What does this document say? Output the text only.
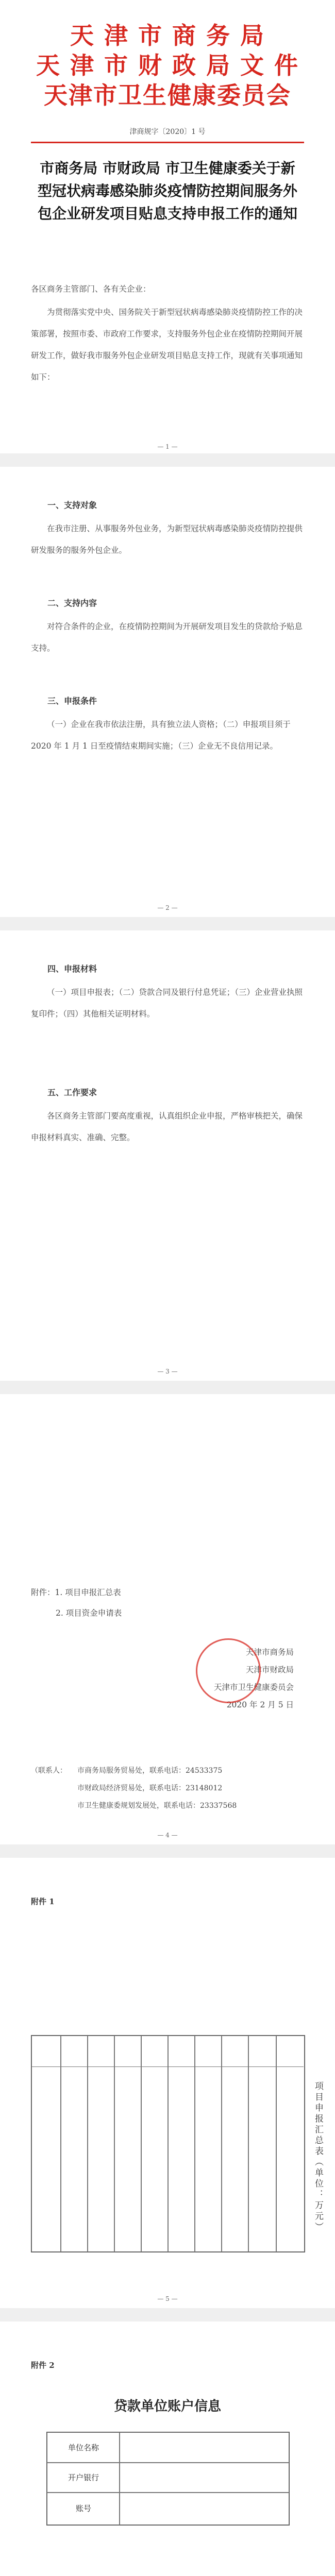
天 津 市 商 务 局
天 津 市 财 政 局 文 件
天津市卫生健康委员会
津商规字〔2020〕1 号
市商务局 市财政局 市卫生健康委关于新型冠状病毒感染肺炎疫情防控期间服务外包企业研发项目贴息支持申报工作的通知
各区商务主管部门、各有关企业：
为贯彻落实党中央、国务院关于新型冠状病毒感染肺炎疫情防控工作的决策部署，按照市委、市政府工作要求，支持服务外包企业在疫情防控期间开展研发工作，做好我市服务外包企业研发项目贴息支持工作，现就有关事项通知如下：
— 1 —
一、支持对象
在我市注册、从事服务外包业务，为新型冠状病毒感染肺炎疫情防控提供研发服务的服务外包企业。
二、支持内容
对符合条件的企业，在疫情防控期间为开展研发项目发生的贷款给予贴息支持。
三、申报条件
（一）企业在我市依法注册，具有独立法人资格；（二）申报项目须于 2020 年 1 月 1 日至疫情结束期间实施；（三）企业无不良信用记录。
— 2 —
四、申报材料
（一）项目申报表；（二）贷款合同及银行付息凭证；（三）企业营业执照复印件；（四）其他相关证明材料。
五、工作要求
各区商务主管部门要高度重视，认真组织企业申报，严格审核把关，确保申报材料真实、准确、完整。
— 3 —
附件：1. 项目申报汇总表
2. 项目资金申请表
天津市商务局
天津市财政局
天津市卫生健康委员会
2020 年 2 月 5 日
（联系人：	市商务局服务贸易处，联系电话：24533375
市财政局经济贸易处，联系电话：23148012
市卫生健康委规划发展处，联系电话：23337568
— 4 —
附件 1
项目申报汇总表（单位：万元）
— 5 —
附件 2
贷款单位账户信息
单位名称
开户银行
账号
